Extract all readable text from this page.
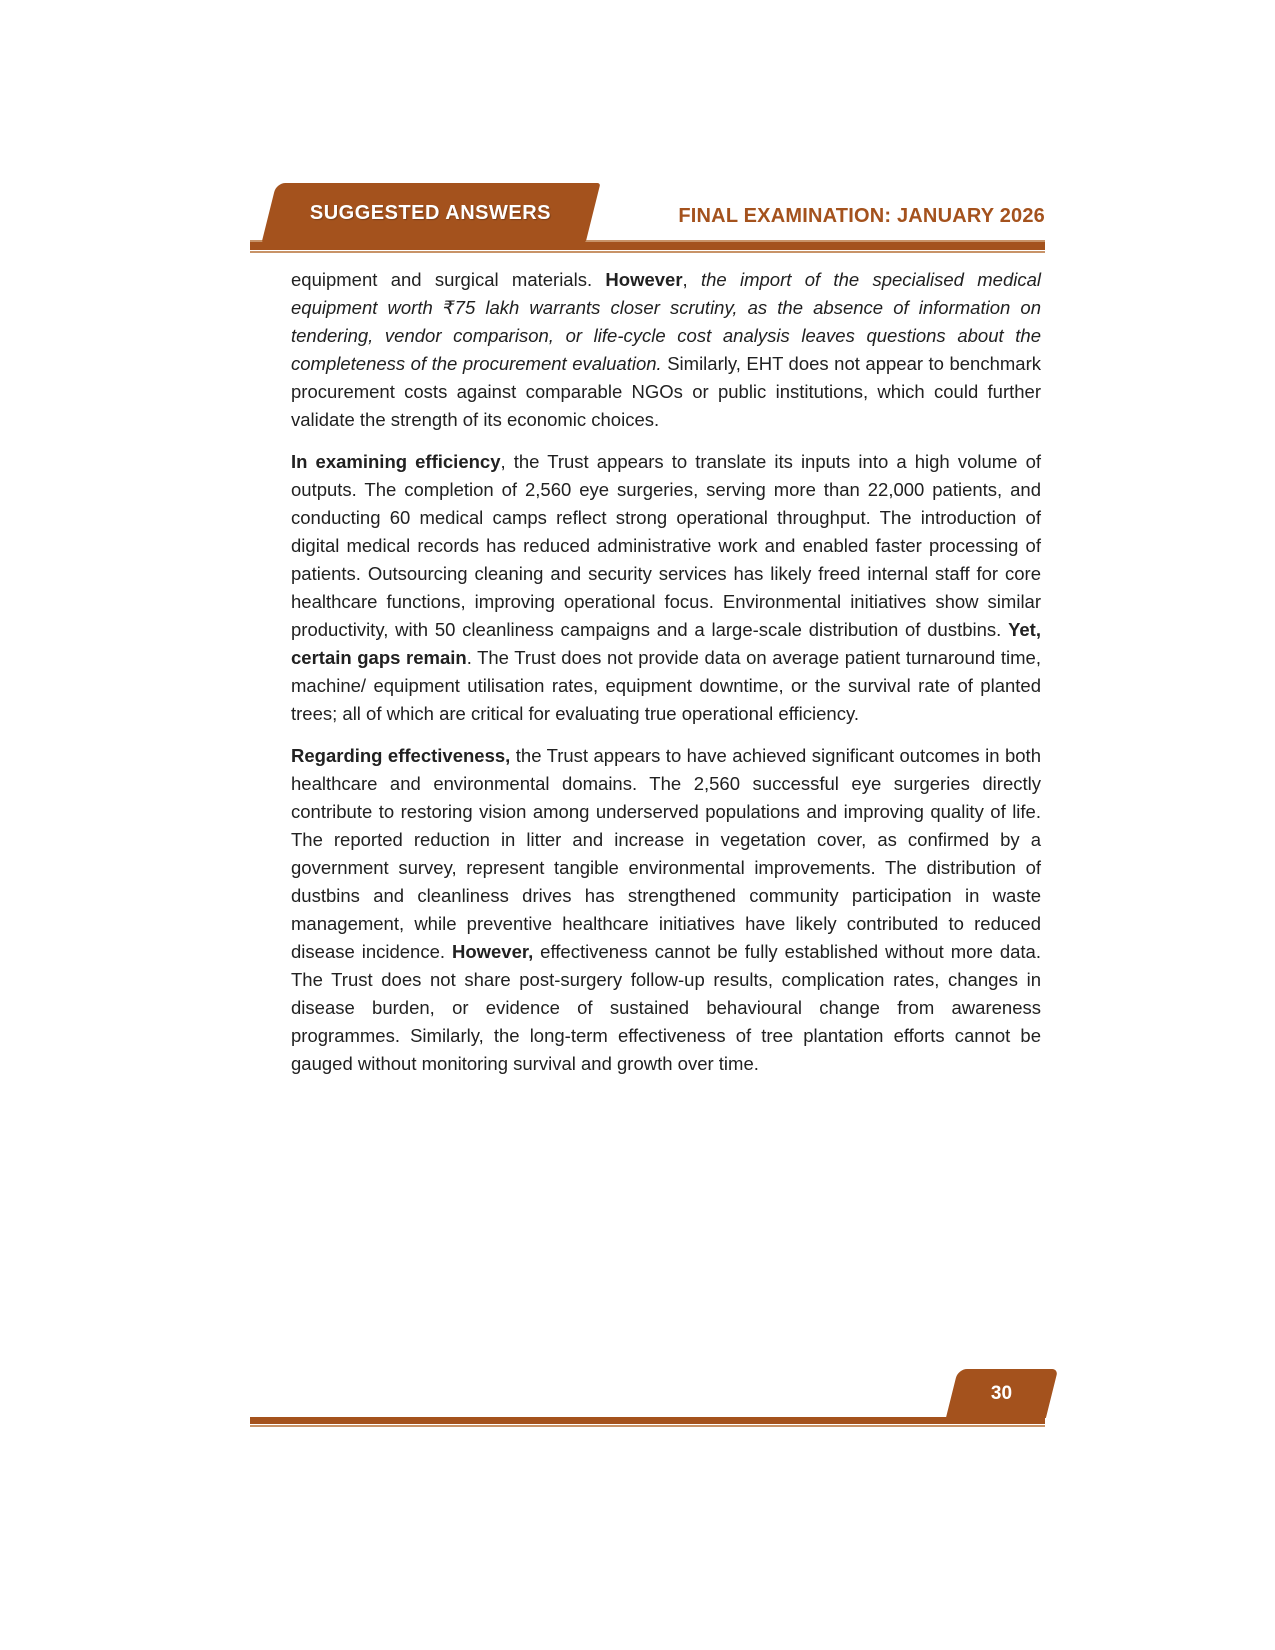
SUGGESTED ANSWERS	FINAL EXAMINATION: JANUARY 2026

equipment and surgical materials. However, the import of the specialised medical equipment worth ₹75 lakh warrants closer scrutiny, as the absence of information on tendering, vendor comparison, or life-cycle cost analysis leaves questions about the completeness of the procurement evaluation. Similarly, EHT does not appear to benchmark procurement costs against comparable NGOs or public institutions, which could further validate the strength of its economic choices.

In examining efficiency, the Trust appears to translate its inputs into a high volume of outputs. The completion of 2,560 eye surgeries, serving more than 22,000 patients, and conducting 60 medical camps reflect strong operational throughput. The introduction of digital medical records has reduced administrative work and enabled faster processing of patients. Outsourcing cleaning and security services has likely freed internal staff for core healthcare functions, improving operational focus. Environmental initiatives show similar productivity, with 50 cleanliness campaigns and a large-scale distribution of dustbins. Yet, certain gaps remain. The Trust does not provide data on average patient turnaround time, machine/ equipment utilisation rates, equipment downtime, or the survival rate of planted trees; all of which are critical for evaluating true operational efficiency.

Regarding effectiveness, the Trust appears to have achieved significant outcomes in both healthcare and environmental domains. The 2,560 successful eye surgeries directly contribute to restoring vision among underserved populations and improving quality of life. The reported reduction in litter and increase in vegetation cover, as confirmed by a government survey, represent tangible environmental improvements. The distribution of dustbins and cleanliness drives has strengthened community participation in waste management, while preventive healthcare initiatives have likely contributed to reduced disease incidence. However, effectiveness cannot be fully established without more data. The Trust does not share post-surgery follow-up results, complication rates, changes in disease burden, or evidence of sustained behavioural change from awareness programmes. Similarly, the long-term effectiveness of tree plantation efforts cannot be gauged without monitoring survival and growth over time.

30
